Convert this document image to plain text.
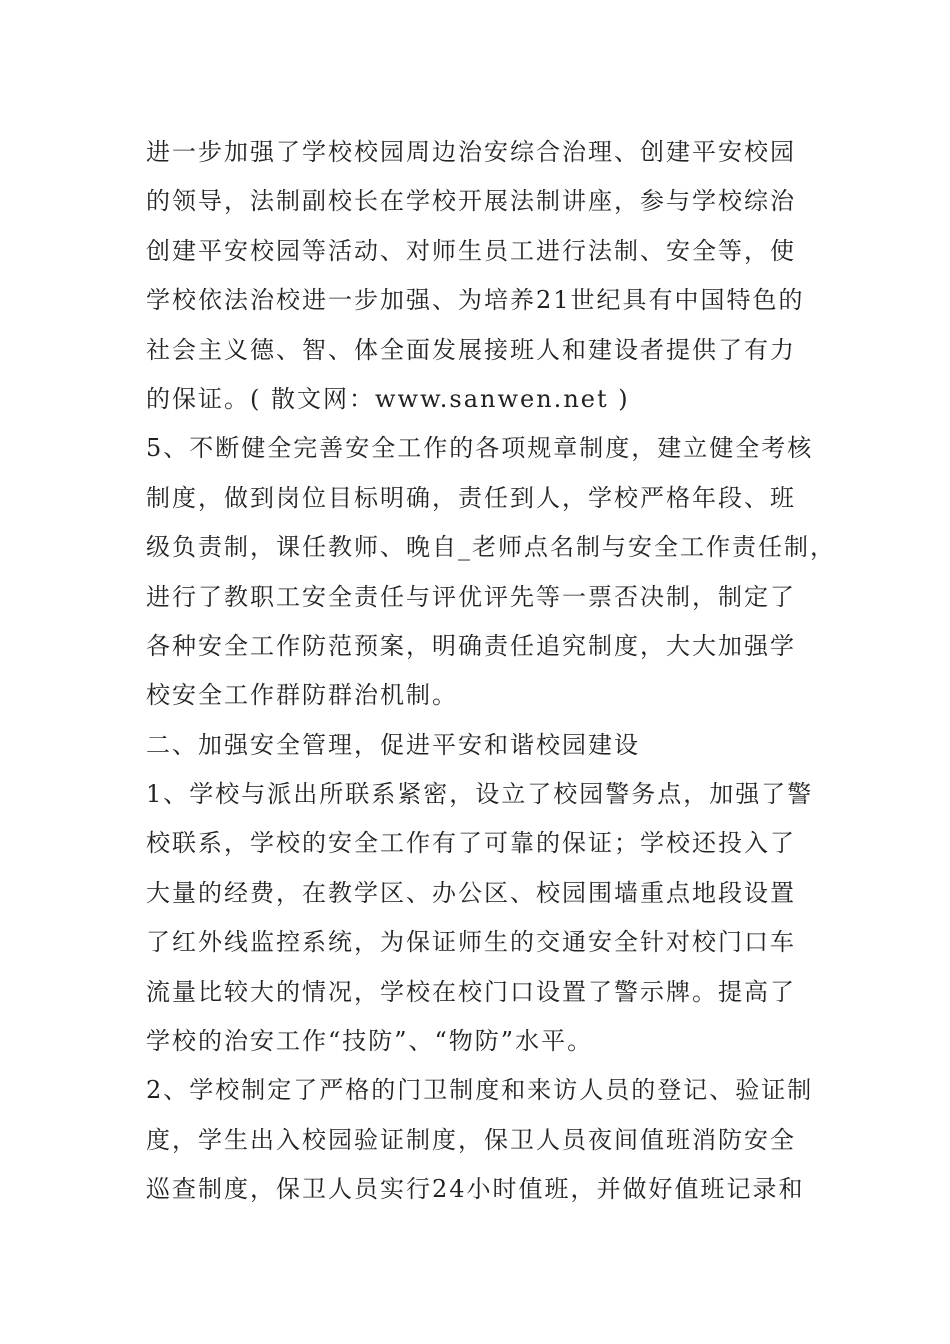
进一步加强了学校校园周边治安综合治理、创建平安校园
的领导，法制副校长在学校开展法制讲座，参与学校综治
创建平安校园等活动、对师生员工进行法制、安全等，使
学校依法治校进一步加强、为培养21世纪具有中国特色的
社会主义德、智、体全面发展接班人和建设者提供了有力
的保证。( 散文网：www.sanwen.net )
5、不断健全完善安全工作的各项规章制度，建立健全考核
制度，做到岗位目标明确，责任到人，学校严格年段、班
级负责制，课任教师、晚自_老师点名制与安全工作责任制，
进行了教职工安全责任与评优评先等一票否决制，制定了
各种安全工作防范预案，明确责任追究制度，大大加强学
校安全工作群防群治机制。
二、加强安全管理，促进平安和谐校园建设
1、学校与派出所联系紧密，设立了校园警务点，加强了警
校联系，学校的安全工作有了可靠的保证；学校还投入了
大量的经费，在教学区、办公区、校园围墙重点地段设置
了红外线监控系统，为保证师生的交通安全针对校门口车
流量比较大的情况，学校在校门口设置了警示牌。提高了
学校的治安工作“技防”、“物防”水平。
2、学校制定了严格的门卫制度和来访人员的登记、验证制
度，学生出入校园验证制度，保卫人员夜间值班消防安全
巡查制度，保卫人员实行24小时值班，并做好值班记录和
